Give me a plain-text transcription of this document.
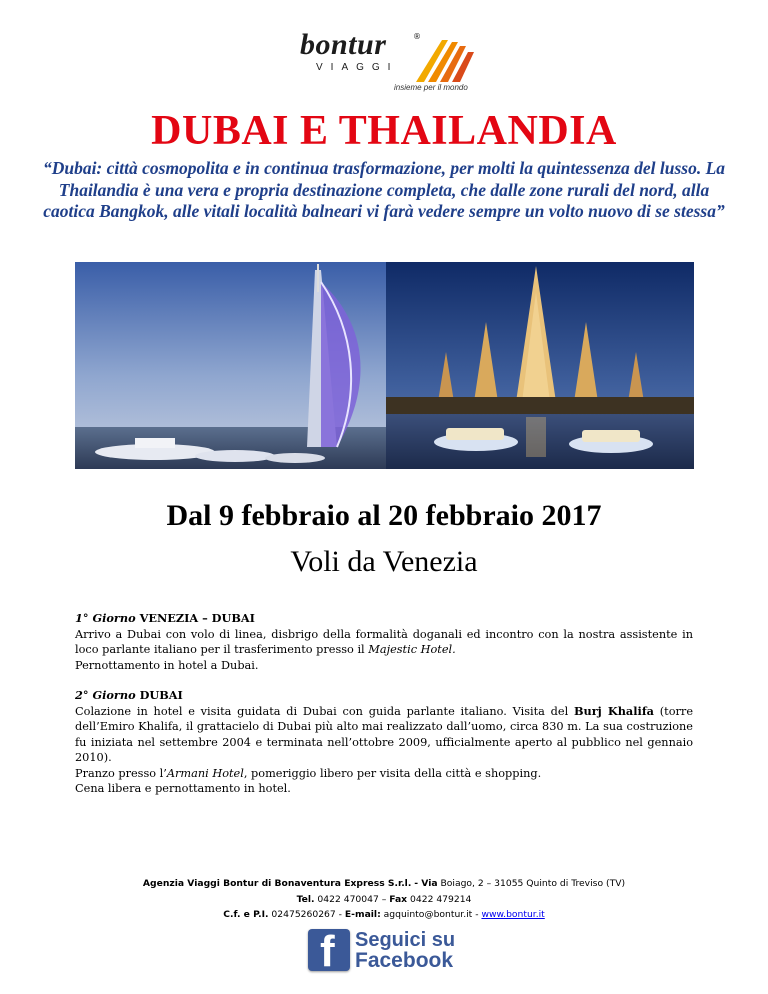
bontur	®
VIAGGI
insieme per il mondo
DUBAI E THAILANDIA
“Dubai: città cosmopolita e in continua trasformazione, per molti la quintessenza del lusso. La Thailandia è una vera e propria destinazione completa, che dalle zone rurali del nord, alla caotica Bangkok, alle vitali località balneari vi farà vedere sempre un volto nuovo di se stessa”
Dal 9 febbraio al 20 febbraio 2017
Voli da Venezia

1° Giorno VENEZIA – DUBAI
Arrivo a Dubai con volo di linea, disbrigo della formalità doganali ed incontro con la nostra assistente in loco parlante italiano per il trasferimento presso il Majestic Hotel.
Pernottamento in hotel a Dubai.

2° Giorno DUBAI
Colazione in hotel e visita guidata di Dubai con guida parlante italiano. Visita del Burj Khalifa (torre dell’Emiro Khalifa, il grattacielo di Dubai più alto mai realizzato dall’uomo, circa 830 m. La sua costruzione fu iniziata nel settembre 2004 e terminata nell’ottobre 2009, ufficialmente aperto al pubblico nel gennaio 2010).
Pranzo presso l’Armani Hotel, pomeriggio libero per visita della città e shopping.
Cena libera e pernottamento in hotel.

Agenzia Viaggi Bontur di Bonaventura Express S.r.l. - Via Boiago, 2 – 31055 Quinto di Treviso (TV)
Tel. 0422 470047 – Fax 0422 479214
C.f. e P.I. 02475260267 - E-mail: agquinto@bontur.it - www.bontur.it
f Seguici su
Facebook
